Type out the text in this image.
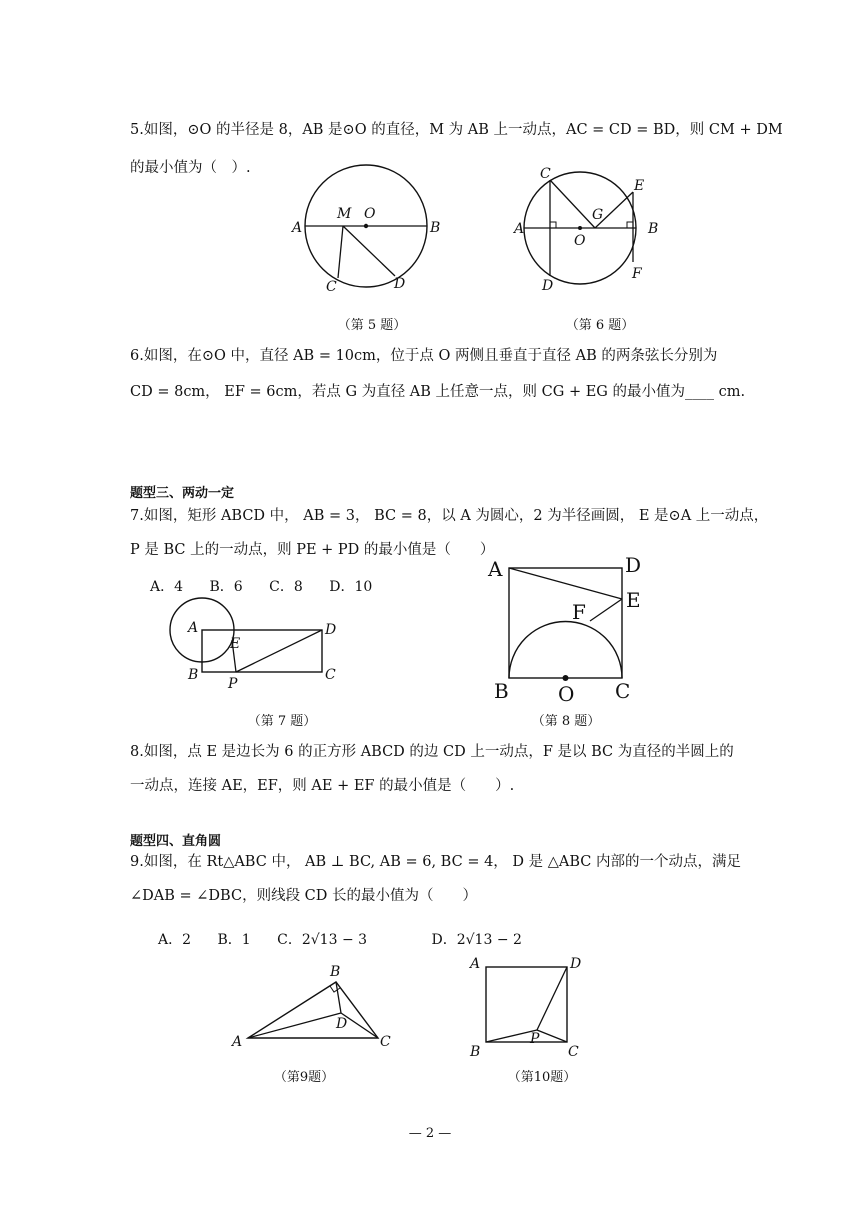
5.如图，⊙O 的半径是 8，AB 是⊙O 的直径，M 为 AB 上一动点，AC = CD = BD，则 CM + DM
的最小值为（　）.
A	B
M O
C	D
（第 5 题）
C
E
A
G
O
B
D
F
（第 6 题）
6.如图，在⊙O 中，直径 AB = 10cm，位于点 O 两侧且垂直于直径 AB 的两条弦长分别为
CD = 8cm， EF = 6cm，若点 G 为直径 AB 上任意一点，则 CG + EG 的最小值为____ cm.
题型三、两动一定
7.如图，矩形 ABCD 中， AB = 3， BC = 8，以 A 为圆心，2 为半径画圆， E 是⊙A 上一动点，
P 是 BC 上的一动点，则 PE + PD 的最小值是（　　）
A．4 B．6 C．8 D．10
A
E
D
B
P
C
（第 7 题）
A	D
F E
B O C
（第 8 题）
8.如图，点 E 是边长为 6 的正方形 ABCD 的边 CD 上一动点，F 是以 BC 为直径的半圆上的
一动点，连接 AE，EF，则 AE + EF 的最小值是（　　）.
题型四、直角圆
9.如图，在 Rt△ABC 中， AB ⊥ BC, AB = 6, BC = 4， D 是 △ABC 内部的一个动点，满足
∠DAB = ∠DBC，则线段 CD 长的最小值为（　　）
A．2 B．1 C．2√13 − 3	D．2√13 − 2
B
D
A	C
（第9题）
A	D
P
B	C
（第10题）
— 2 —
